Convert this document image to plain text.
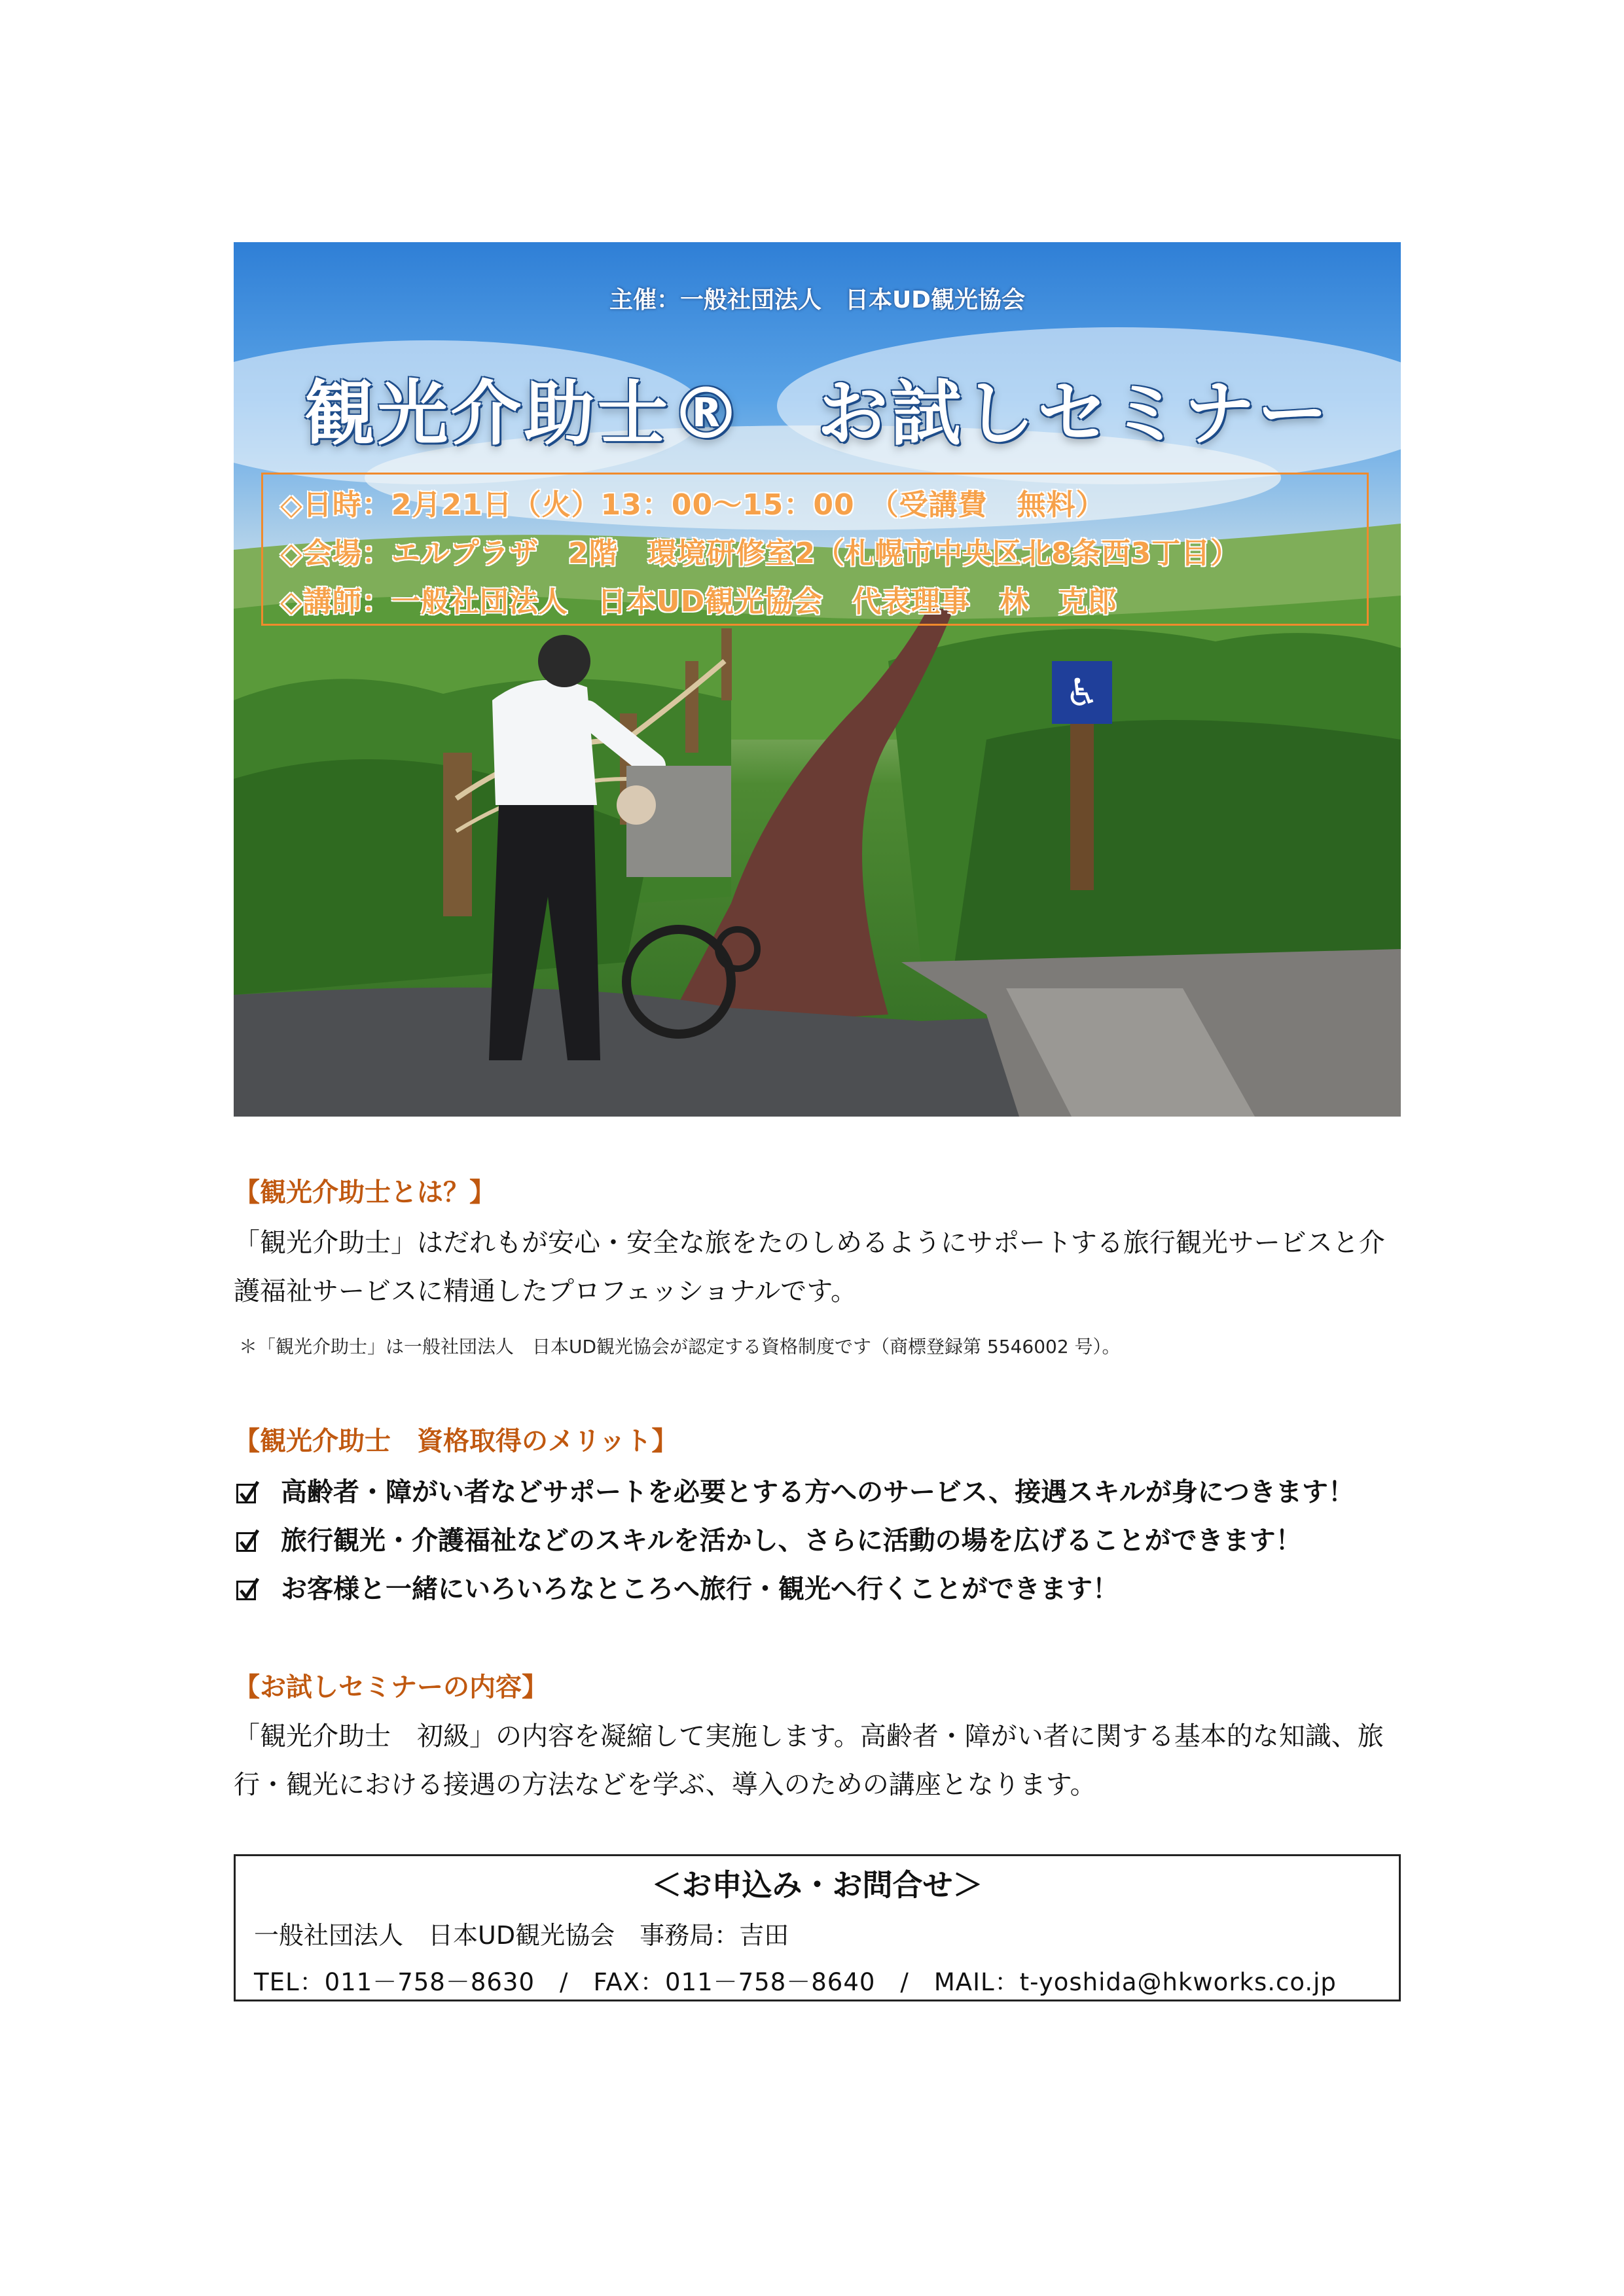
♿
主催：一般社団法人　日本UD観光協会
観光介助士®　お試しセミナー
◇日時：2月21日（火）13：00～15：00　（受講費　無料）
◇会場：エルプラザ　2階　環境研修室2（札幌市中央区北8条西3丁目）
◇講師：一般社団法人　日本UD観光協会　代表理事　林　克郎
【観光介助士とは？】
「観光介助士」はだれもが安心・安全な旅をたのしめるようにサポートする旅行観光サービスと介
護福祉サービスに精通したプロフェッショナルです。
＊「観光介助士」は一般社団法人　日本UD観光協会が認定する資格制度です（商標登録第 5546002 号）。
【観光介助士　資格取得のメリット】
高齢者・障がい者などサポートを必要とする方へのサービス、接遇スキルが身につきます！
旅行観光・介護福祉などのスキルを活かし、さらに活動の場を広げることができます！
お客様と一緒にいろいろなところへ旅行・観光へ行くことができます！
【お試しセミナーの内容】
「観光介助士　初級」の内容を凝縮して実施します。高齢者・障がい者に関する基本的な知識、旅
行・観光における接遇の方法などを学ぶ、導入のための講座となります。
＜お申込み・お問合せ＞
一般社団法人　日本UD観光協会　事務局：吉田
TEL：011－758－8630　/　FAX：011－758－8640　/　MAIL：t-yoshida@hkworks.co.jp
